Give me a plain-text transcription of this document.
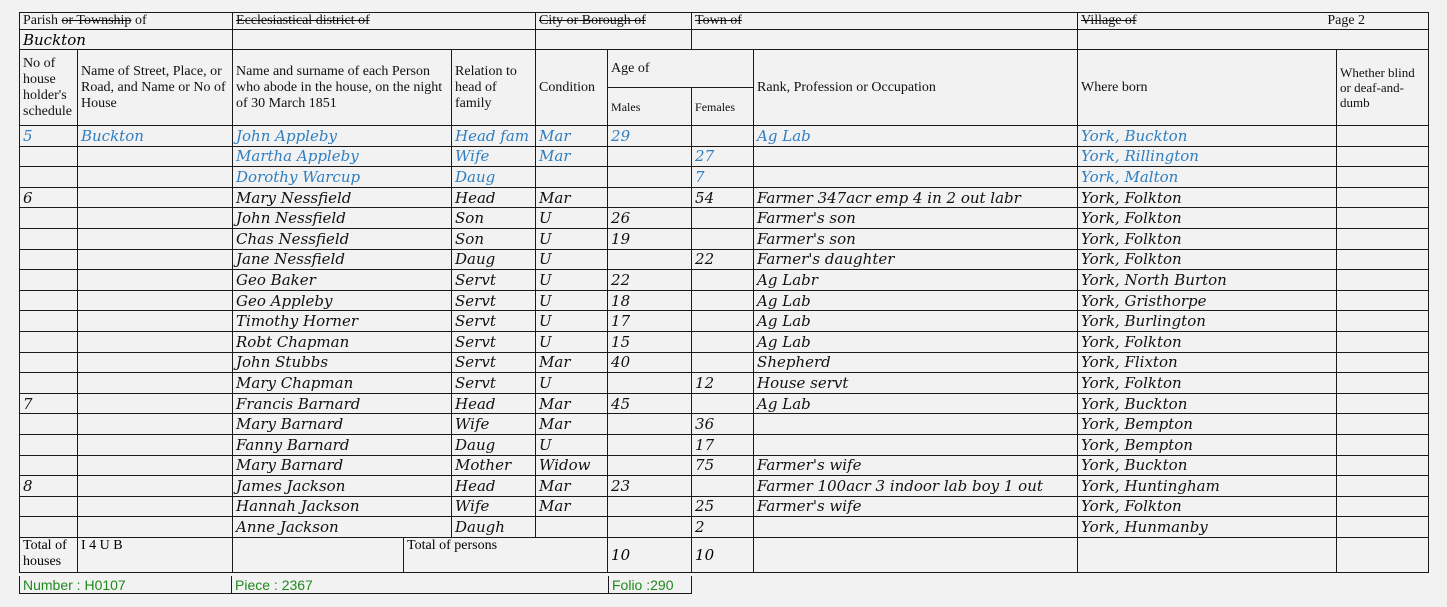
Parish or Township of		Ecclesiastical district of		City or Borough of		Town of		Village of Page 2	

Buckton									
No of house holder's schedule	Name of Street, Place, or Road, and Name or No of House	Name and surname of each Person who abode in the house, on the night of 30 March 1851	Relation to head of family	Condition	Age of		Rank, Profession or Occupation	Where born	Whether blind or deaf-and-dumb
					Males	Females			
5	Buckton	John Appleby	Head fam	Mar	29		Ag Lab	York, Buckton	
		Martha Appleby	Wife	Mar		27		York, Rillington	
		Dorothy Warcup	Daug			7		York, Malton	
6		Mary Nessfield	Head	Mar		54	Farmer 347acr emp 4 in 2 out labr	York, Folkton	
		John Nessfield	Son	U	26		Farmer's son	York, Folkton	
		Chas Nessfield	Son	U	19		Farmer's son	York, Folkton	
		Jane Nessfield	Daug	U		22	Farner's daughter	York, Folkton	
		Geo Baker	Servt	U	22		Ag Labr	York, North Burton	
		Geo Appleby	Servt	U	18		Ag Lab	York, Gristhorpe	
		Timothy Horner	Servt	U	17		Ag Lab	York, Burlington	
		Robt Chapman	Servt	U	15		Ag Lab	York, Folkton	
		John Stubbs	Servt	Mar	40		Shepherd	York, Flixton	
		Mary Chapman	Servt	U		12	House servt	York, Folkton	
7		Francis Barnard	Head	Mar	45		Ag Lab	York, Buckton	
		Mary Barnard	Wife	Mar		36		York, Bempton	
		Fanny Barnard	Daug	U		17		York, Bempton	
		Mary Barnard	Mother	Widow		75	Farmer's wife	York, Buckton	
8		James Jackson	Head	Mar	23		Farmer 100acr 3 indoor lab boy 1 out	York, Huntingham	
		Hannah Jackson	Wife	Mar		25	Farmer's wife	York, Folkton	
		Anne Jackson	Daugh			2		York, Hunmanby	
Total of houses	I 4 U B	Total of persons			10	10			
Number : H0107	Piece : 2367	Folio :290
